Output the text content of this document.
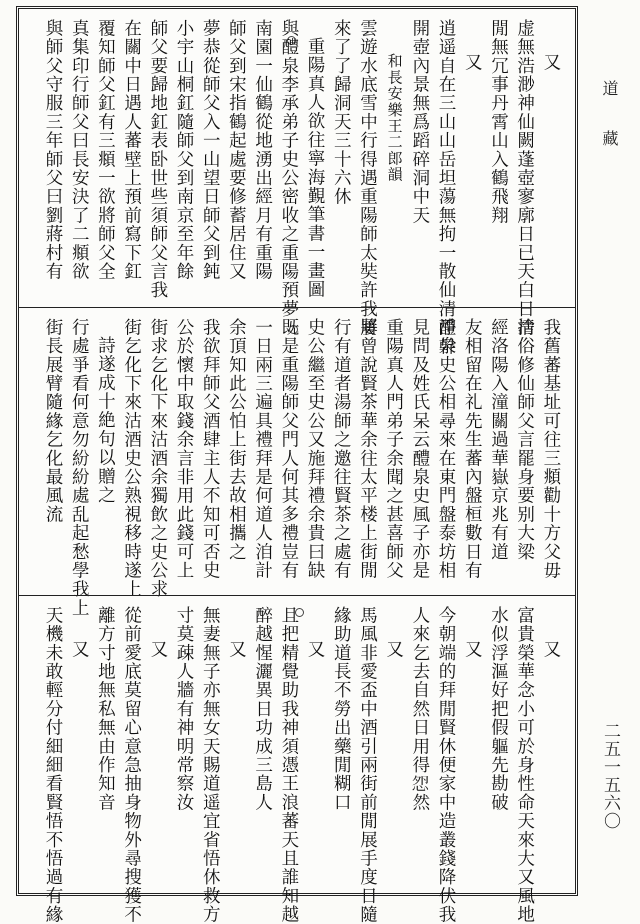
道藏
二五一五六〇
又
虚無浩渺神仙闕蓬壺寥廓日已天白日清
閒無冗事丹霄山入鶴飛翔
又
逍遥自在三山山岳坦蕩無拘一散仙清淨幹
開壺內景無爲蹈碎洞中天
和長安樂王二郎韻
雲遊水底雪中行得遇重陽師太奘許我將
來了了歸洞天三十六休
重陽真人欲往寧海覲筆書一畫圖
與醴泉李承弟子史公密收之重陽預夢
南園一仙鶴從地湧出經月有重陽
師父到宋指鶴起處要修蓄居住又
夢恭從師父入一山望日師父到鈍
小宇山桐釭隨師父到南京至年餘
師父要歸地釭表卧世些須師父言我
在關中日遇人蕃壁上預前寫下釭
覆知師父釭有三頫一欲將師父全
真集印行師父曰長安決了二頫欲
與師父守服三年師父曰劉蔣村有
我舊蕃基址可往三頫勸十方父毋
捨俗修仙師父言罷身要别大梁
經洛陽入潼關過華嶽京兆有道
友相留在礼先生蕃內盤桓數日有
醴泉史公相尋來在東門盤泰坊相
見問及姓氏呆云醴泉史風子亦是
重陽真人門弟子余聞之甚喜師父
屢曾說賢茶華余往太平楼上街閒
行有道者湯師之邀往賢茶之處有
史公繼至史公又施拜禮余貴曰缺
既是重陽師父門人何其多禮豈有
一日兩三遍具禮拜是何道人洎計
余頂知此公怕上街去故相攜之
我欲拜師父酒肆主人不知可否史
公於懷中取錢余言非用此錢可上
街求乞化下來沽酒余獨飲之史公求
街乞化下來沽酒史公熟視移時遂上
詩遂成十絶句以贈之
行處爭看何意勿紛紛處乱起愁學我上
街長展臂隨緣乞化最風流
又
富貴榮華念小可於身性命天來大又風地
水似浮漚好把假軀先勘破
又
今朝端的拜閒賢休便家中造叢錢降伏我
人來乞去自然日用得𢘵然
又
馬風非愛盃中酒引兩街前閒展手度日隨
緣助道長不勞出藥閒糊口
又
且把精覺助我神須憑王浪蕃天且誰知越
醉越惺灑異日功成三島人
又
無妻無子亦無女天賜道遥宜省悟休救方
寸莫疎人牆有神明常察汝
又
從前愛底莫留心意急抽身物外尋搜獲不
離方寸地無私無由作知音
又
天機未敢輕分付細細看賢悟不悟過有緣
